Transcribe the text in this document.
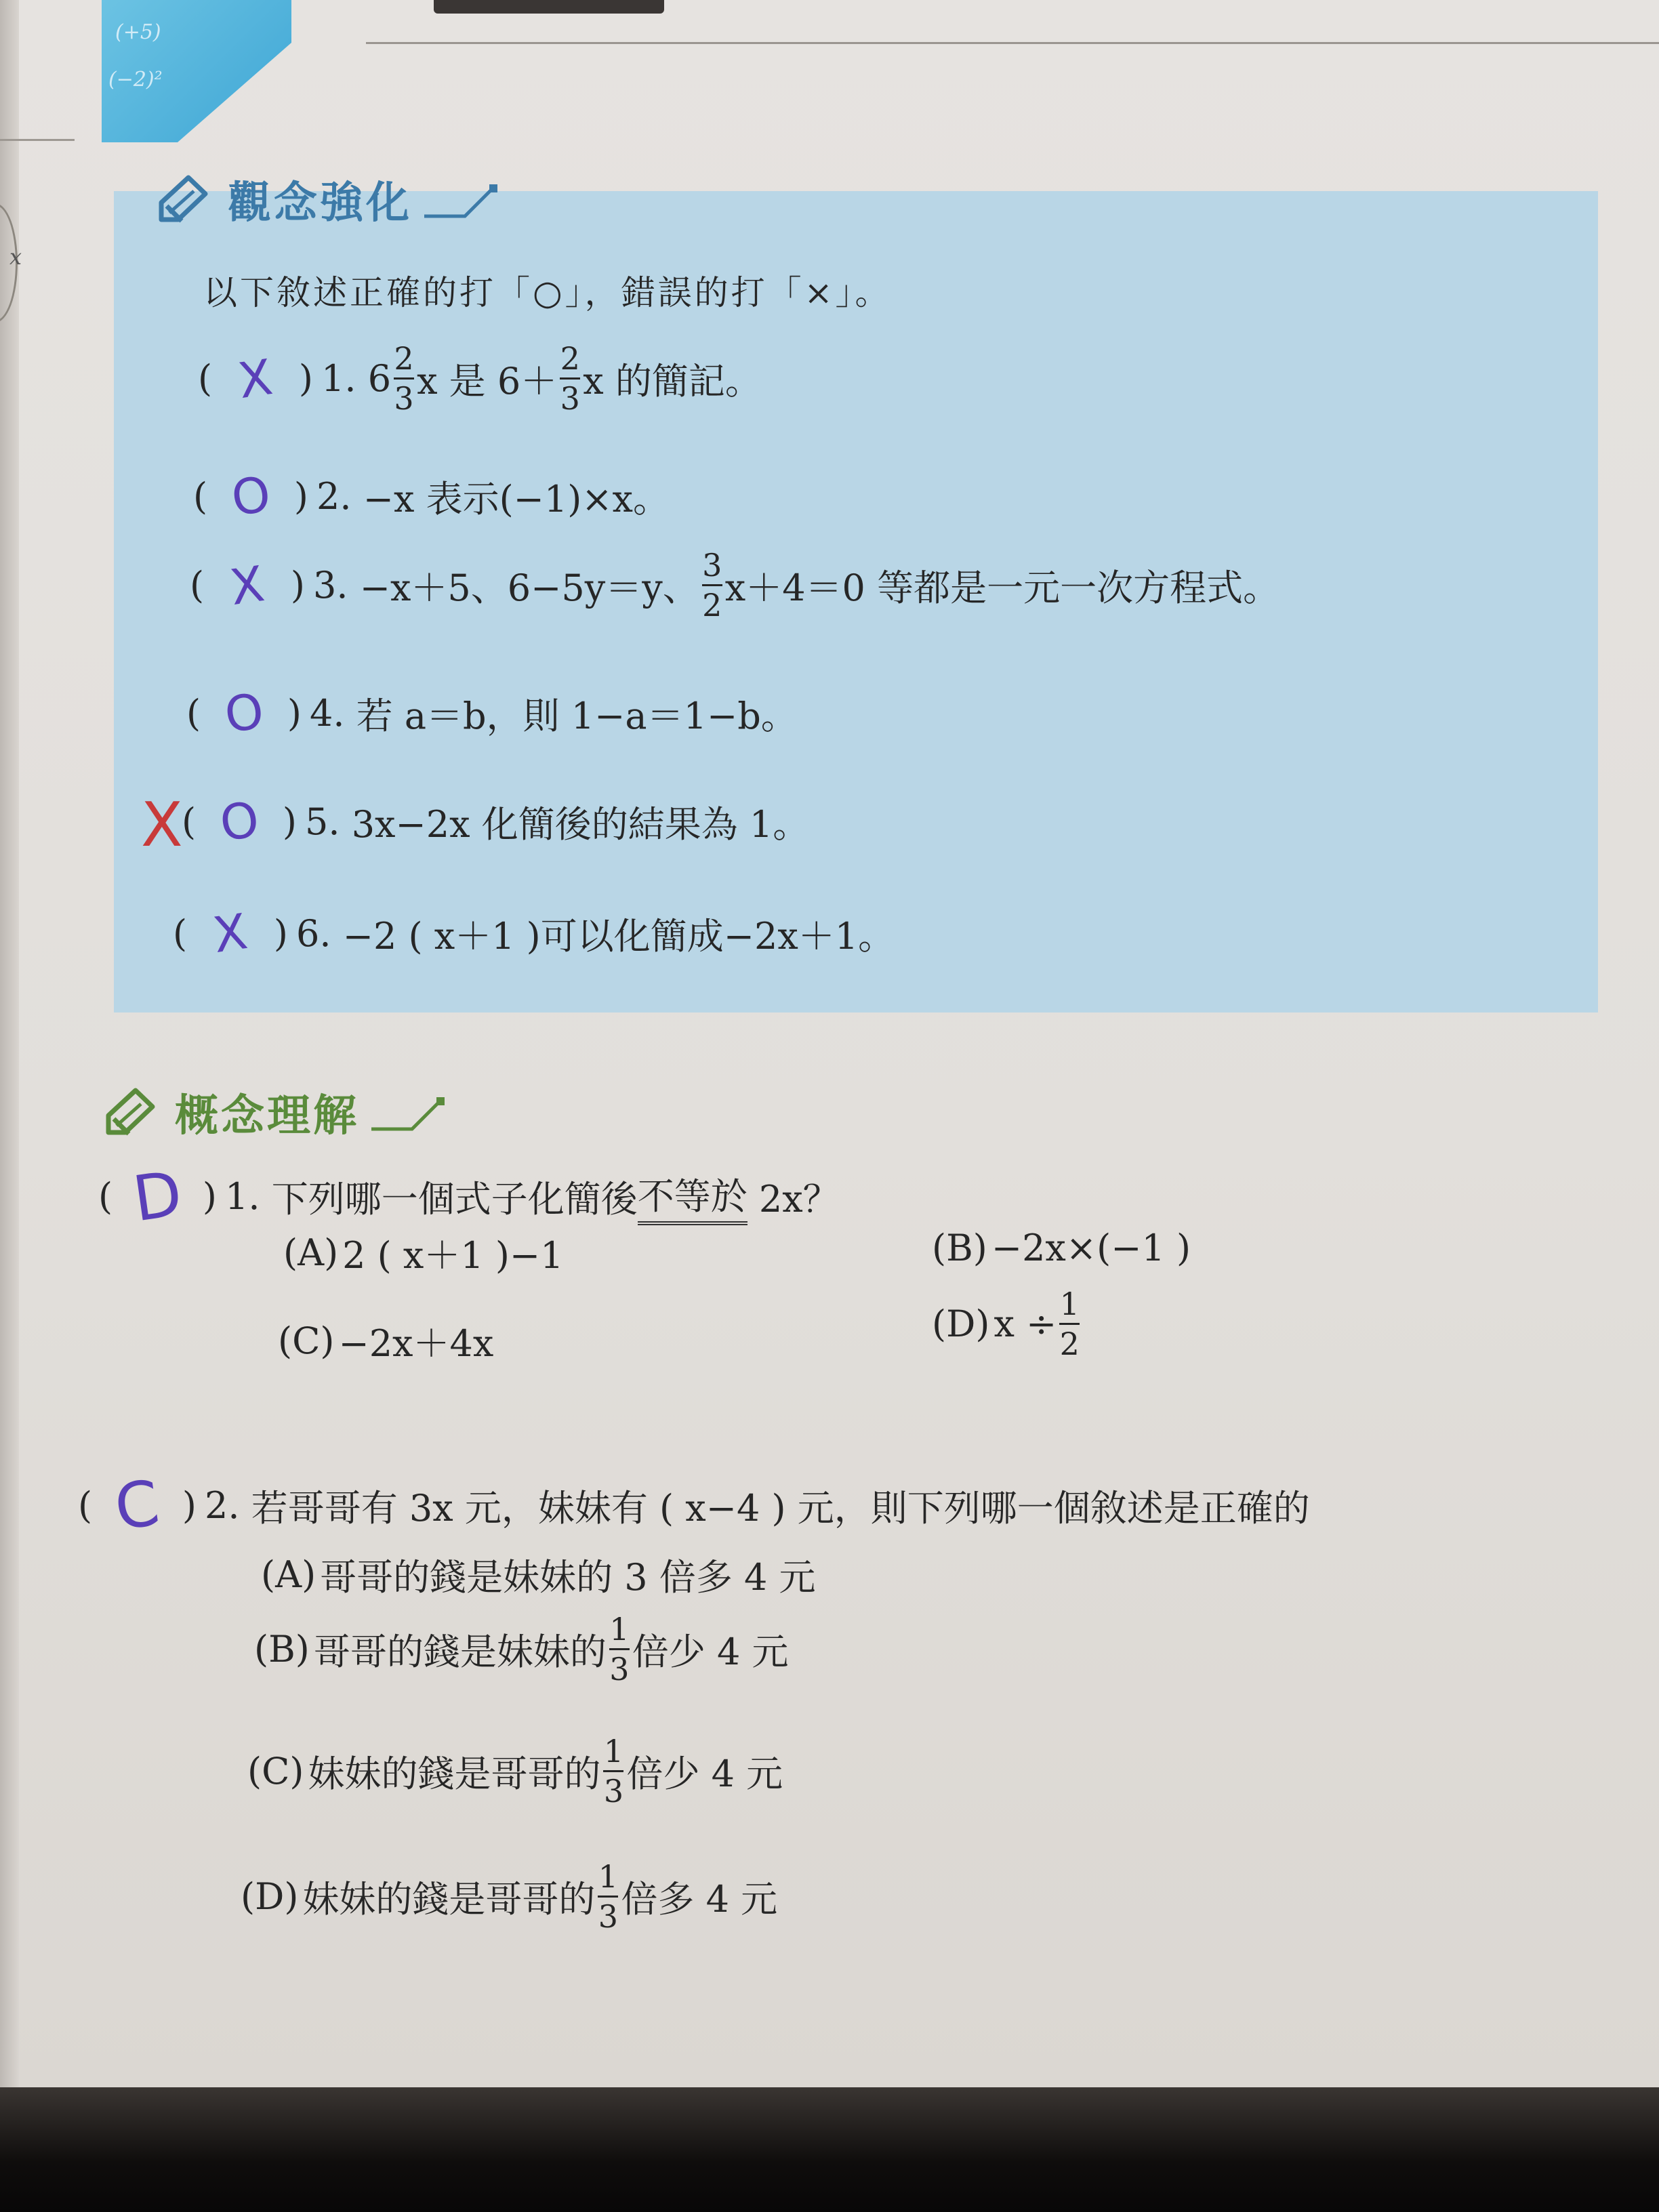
x
(+5)
(−2)²
觀念強化
以下敘述正確的打「○」，錯誤的打「×」。
( X ) 1.
$6 \frac{2}{3}$ x 是 $6+ \frac{2}{3}$ x 的簡記。
( O ) 2.
−x 表示(−1)×x。
( X ) 3.
−x＋5、6−5y＝y、 $\frac{3}{2} x+4=0$ 等都是一元一次方程式。
( O ) 4.
若 a＝b，則 1−a＝1−b。
X
( O ) 5.
3x−2x 化簡後的結果為 1。
( X ) 6.
−2 ( x＋1 )可以化簡成−2x＋1。
概念理解
( D ) 1.
下列哪一個式子化簡後 不等於
2x？
(A) 2 ( x＋1 )−1	(B) −2x×(−1 )
(C) −2x＋4x	(D) $x \div \frac{1}{2}$
( C ) 2.
若哥哥有 3x 元，妹妹有 ( x−4 ) 元，則下列哪一個敘述是正確的
(A) 哥哥的錢是妹妹的 3 倍多 4 元
(B) 哥哥的錢是妹妹的 $\frac{1}{3}$ 倍少 4 元
(C) 妹妹的錢是哥哥的 $\frac{1}{3}$ 倍少 4 元
(D) 妹妹的錢是哥哥的 $\frac{1}{3}$ 倍多 4 元
